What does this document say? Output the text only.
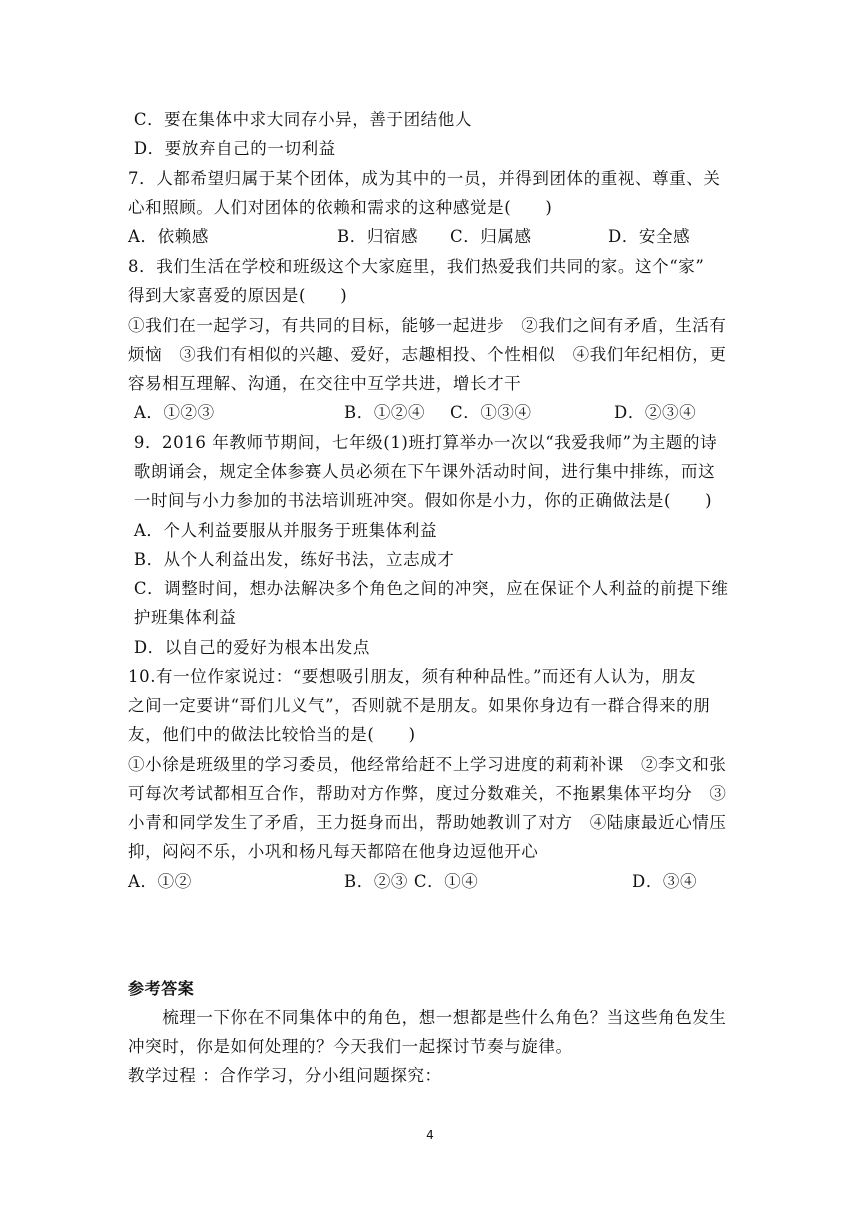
C．要在集体中求大同存小异，善于团结他人
D．要放弃自己的一切利益
7．人都希望归属于某个团体，成为其中的一员，并得到团体的重视、尊重、关
心和照顾。人们对团体的依赖和需求的这种感觉是(　　)
A．依赖感	B．归宿感 C．归属感	D．安全感
8．我们生活在学校和班级这个大家庭里，我们热爱我们共同的家。这个“家”
得到大家喜爱的原因是(　　)
①我们在一起学习，有共同的目标，能够一起进步　②我们之间有矛盾，生活有
烦恼　③我们有相似的兴趣、爱好，志趣相投、个性相似　④我们年纪相仿，更
容易相互理解、沟通，在交往中互学共进，增长才干
A．①②③	B．①②④ C．①③④	D．②③④
9．2016 年教师节期间，七年级(1)班打算举办一次以“我爱我师”为主题的诗
歌朗诵会，规定全体参赛人员必须在下午课外活动时间，进行集中排练，而这
一时间与小力参加的书法培训班冲突。假如你是小力，你的正确做法是(　　)
A．个人利益要服从并服务于班集体利益
B．从个人利益出发，练好书法，立志成才
C．调整时间，想办法解决多个角色之间的冲突，应在保证个人利益的前提下维
护班集体利益
D．以自己的爱好为根本出发点
10.有一位作家说过：“要想吸引朋友，须有种种品性。”而还有人认为，朋友
之间一定要讲“哥们儿义气”，否则就不是朋友。如果你身边有一群合得来的朋
友，他们中的做法比较恰当的是(　　)
①小徐是班级里的学习委员，他经常给赶不上学习进度的莉莉补课　②李文和张
可每次考试都相互合作，帮助对方作弊，度过分数难关，不拖累集体平均分　③
小青和同学发生了矛盾，王力挺身而出，帮助她教训了对方　④陆康最近心情压
抑，闷闷不乐，小巩和杨凡每天都陪在他身边逗他开心
A．①②	B．②③ C．①④	D．③④
参考答案
　　梳理一下你在不同集体中的角色，想一想都是些什么角色？当这些角色发生
冲突时，你是如何处理的？今天我们一起探讨节奏与旋律。
教学过程 ：合作学习，分小组问题探究：
4
